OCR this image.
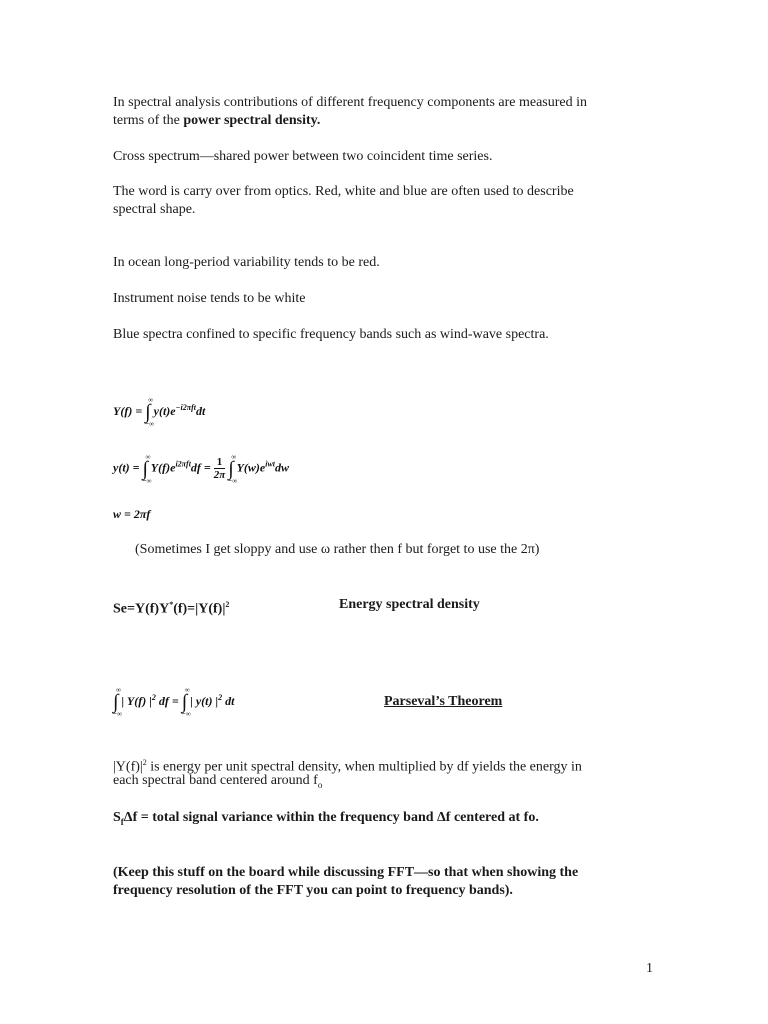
In spectral analysis contributions of different frequency components are measured in
terms of the power spectral density.
Cross spectrum—shared power between two coincident time series.
The word is carry over from optics. Red, white and blue are often used to describe
spectral shape.
In ocean long-period variability tends to be red.
Instrument noise tends to be white
Blue spectra confined to specific frequency bands such as wind-wave spectra.
Y(f) = ∫
∞
−∞
$y(t)e^{-i2\pi ft}dt$
y(t) = ∫
∞
−∞
$Y(f)e^{i2\pi ft}df = \frac{1}{2\pi}$ ∫
∞
−∞
$Y(w)e^{iwt}dw$
w = 2πf
(Sometimes I get sloppy and use ω rather then f but forget to use the 2π)
$Se=Y(f)Y^*(f)=|Y(f)|^2$	Energy spectral density
∫
∞
−∞
| Y(f) $|^2$ df = ∫
∞
−∞
| y(t) $|^2$ dt	Parseval’s Theorem
$|Y(f)|^2$ is energy per unit spectral density, when multiplied by df yields the energy in
each spectral band centered around $f_o$
$S_f\Delta f$ = total signal variance within the frequency band Δf centered at fo.
(Keep this stuff on the board while discussing FFT—so that when showing the
frequency resolution of the FFT you can point to frequency bands).
1
